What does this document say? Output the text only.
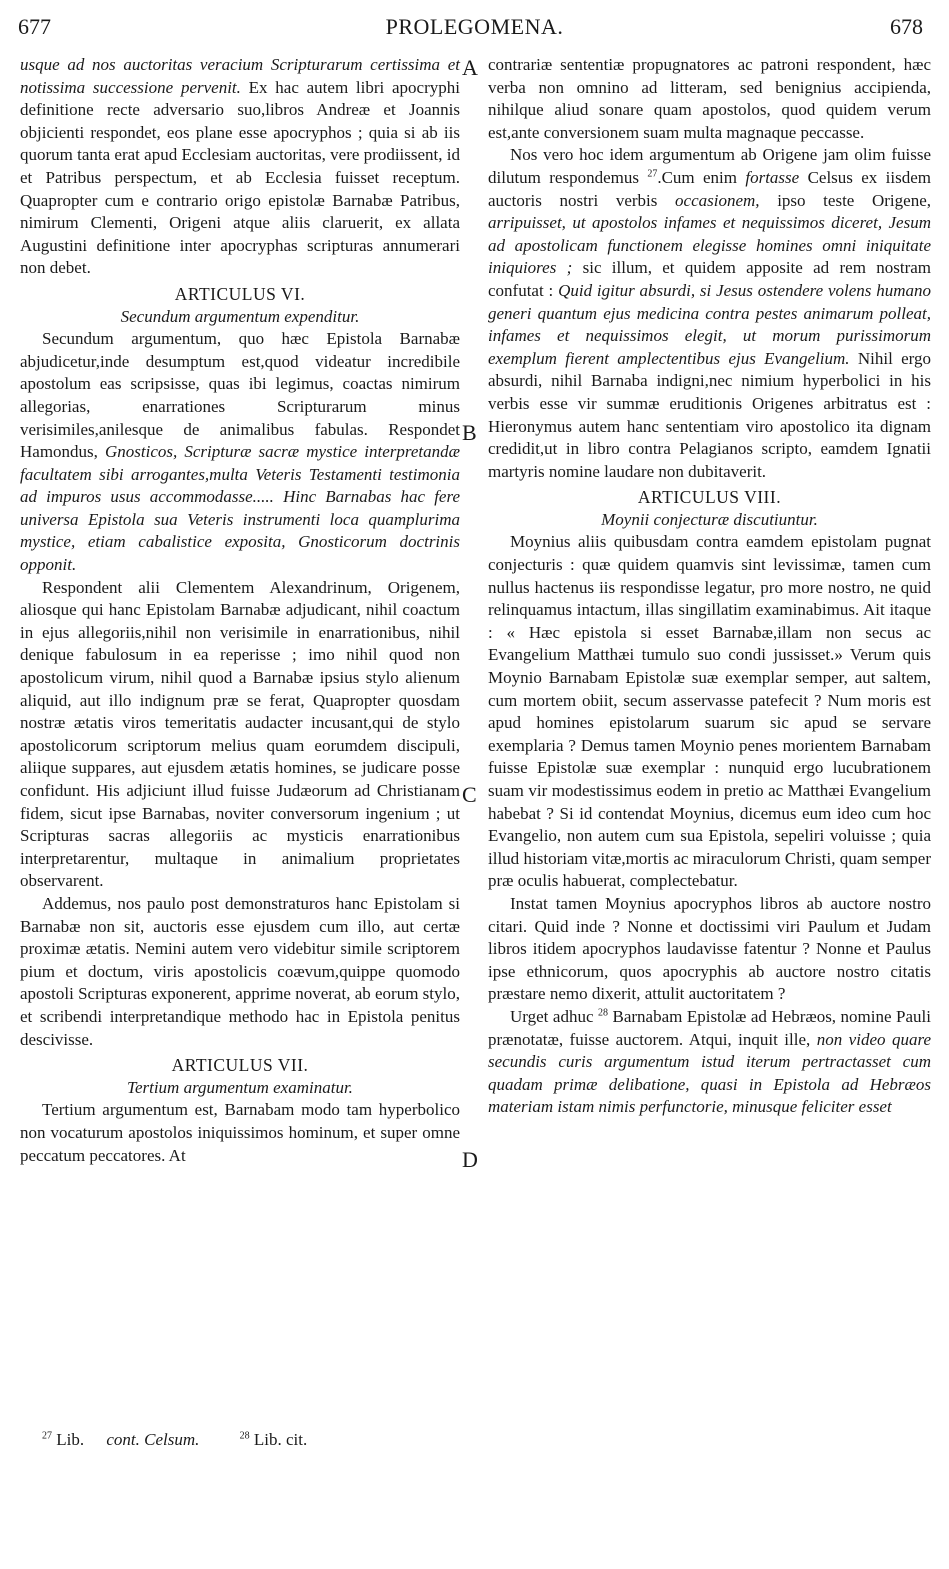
PROLEGOMENA.
677	678
A
B
C
D

usque ad nos auctoritas veracium Scripturarum certissima et notissima successione pervenit. Ex hac autem libri apocryphi definitione recte adversario suo,libros Andreæ et Joannis objicienti respondet, eos plane esse apocryphos ; quia si ab iis quorum tanta erat apud Ecclesiam auctoritas, vere prodiissent, id et Patribus perspectum, et ab Ecclesia fuisset receptum. Quapropter cum e contrario origo epistolæ Barnabæ Patribus, nimirum Clementi, Origeni atque aliis claruerit, ex allata Augustini definitione inter apocryphas scripturas annumerari non debet.

ARTICULUS VI.

Secundum argumentum expenditur.

Secundum argumentum, quo hæc Epistola Barnabæ abjudicetur,inde desumptum est,quod videatur incredibile apostolum eas scripsisse, quas ibi legimus, coactas nimirum allegorias, enarrationes Scripturarum minus verisimiles,anilesque de animalibus fabulas. Respondet Hamondus, Gnosticos, Scripturæ sacræ mystice interpretandæ facultatem sibi arrogantes,multa Veteris Testamenti testimonia ad impuros usus accommodasse..... Hinc Barnabas hac fere universa Epistola sua Veteris instrumenti loca quamplurima mystice, etiam cabalistice exposita, Gnosticorum doctrinis opponit.

Respondent alii Clementem Alexandrinum, Origenem, aliosque qui hanc Epistolam Barnabæ adjudicant, nihil coactum in ejus allegoriis,nihil non verisimile in enarrationibus, nihil denique fabulosum in ea reperisse ; imo nihil quod non apostolicum virum, nihil quod a Barnabæ ipsius stylo alienum aliquid, aut illo indignum præ se ferat, Quapropter quosdam nostræ ætatis viros temeritatis audacter incusant,qui de stylo apostolicorum scriptorum melius quam eorumdem discipuli, aliique suppares, aut ejusdem ætatis homines, se judicare posse confidunt. His adjiciunt illud fuisse Judæorum ad Christianam fidem, sicut ipse Barnabas, noviter conversorum ingenium ; ut Scripturas sacras allegoriis ac mysticis enarrationibus interpretarentur, multaque in animalium proprietates observarent.

Addemus, nos paulo post demonstraturos hanc Epistolam si Barnabæ non sit, auctoris esse ejusdem cum illo, aut certæ proximæ ætatis. Nemini autem vero videbitur simile scriptorem pium et doctum, viris apostolicis coævum,quippe quomodo apostoli Scripturas exponerent, apprime noverat, ab eorum stylo, et scribendi interpretandique methodo hac in Epistola penitus descivisse.

ARTICULUS VII.

Tertium argumentum examinatur.

Tertium argumentum est, Barnabam modo tam hyperbolico non vocaturum apostolos iniquissimos hominum, et super omne peccatum peccatores. At

contrariæ sententiæ propugnatores ac patroni respondent, hæc verba non omnino ad litteram, sed benignius accipienda, nihilque aliud sonare quam apostolos, quod quidem verum est,ante conversionem suam multa magnaque peccasse.

Nos vero hoc idem argumentum ab Origene jam olim fuisse dilutum respondemus $^{27}$.Cum enim fortasse Celsus ex iisdem auctoris nostri verbis occasionem, ipso teste Origene, arripuisset, ut apostolos infames et nequissimos diceret, Jesum ad apostolicam functionem elegisse homines omni iniquitate iniquiores ; sic illum, et quidem apposite ad rem nostram confutat : Quid igitur absurdi, si Jesus ostendere volens humano generi quantum ejus medicina contra pestes animarum polleat, infames et nequissimos elegit, ut morum purissimorum exemplum fierent amplectentibus ejus Evangelium. Nihil ergo absurdi, nihil Barnaba indigni,nec nimium hyperbolici in his verbis esse vir summæ eruditionis Origenes arbitratus est : Hieronymus autem hanc sententiam viro apostolico ita dignam credidit,ut in libro contra Pelagianos scripto, eamdem Ignatii martyris nomine laudare non dubitaverit.

ARTICULUS VIII.

Moynii conjecturæ discutiuntur.

Moynius aliis quibusdam contra eamdem epistolam pugnat conjecturis : quæ quidem quamvis sint levissimæ, tamen cum nullus hactenus iis respondisse legatur, pro more nostro, ne quid relinquamus intactum, illas singillatim examinabimus. Ait itaque : « Hæc epistola si esset Barnabæ,illam non secus ac Evangelium Matthæi tumulo suo condi jussisset.» Verum quis Moynio Barnabam Epistolæ suæ exemplar semper, aut saltem, cum mortem obiit, secum asservasse patefecit ? Num moris est apud homines epistolarum suarum sic apud se servare exemplaria ? Demus tamen Moynio penes morientem Barnabam fuisse Epistolæ suæ exemplar : nunquid ergo lucubrationem suam vir modestissimus eodem in pretio ac Matthæi Evangelium habebat ? Si id contendat Moynius, dicemus eum ideo cum hoc Evangelio, non autem cum sua Epistola, sepeliri voluisse ; quia illud historiam vitæ,mortis ac miraculorum Christi, quam semper præ oculis habuerat, complectebatur.

Instat tamen Moynius apocryphos libros ab auctore nostro citari. Quid inde ? Nonne et doctissimi viri Paulum et Judam libros itidem apocryphos laudavisse fatentur ? Nonne et Paulus ipse ethnicorum, quos apocryphis ab auctore nostro citatis præstare nemo dixerit, attulit auctoritatem ?

Urget adhuc $^{28}$ Barnabam Epistolæ ad Hebræos, nomine Pauli prænotatæ, fuisse auctorem. Atqui, inquit ille, non video quare secundis curis argumentum istud iterum pertractasset cum quadam primæ delibatione, quasi in Epistola ad Hebræos materiam istam nimis perfunctorie, minusque feliciter esset

$^{27}$ Lib. cont. Celsum.	$^{28}$ Lib. cit.
